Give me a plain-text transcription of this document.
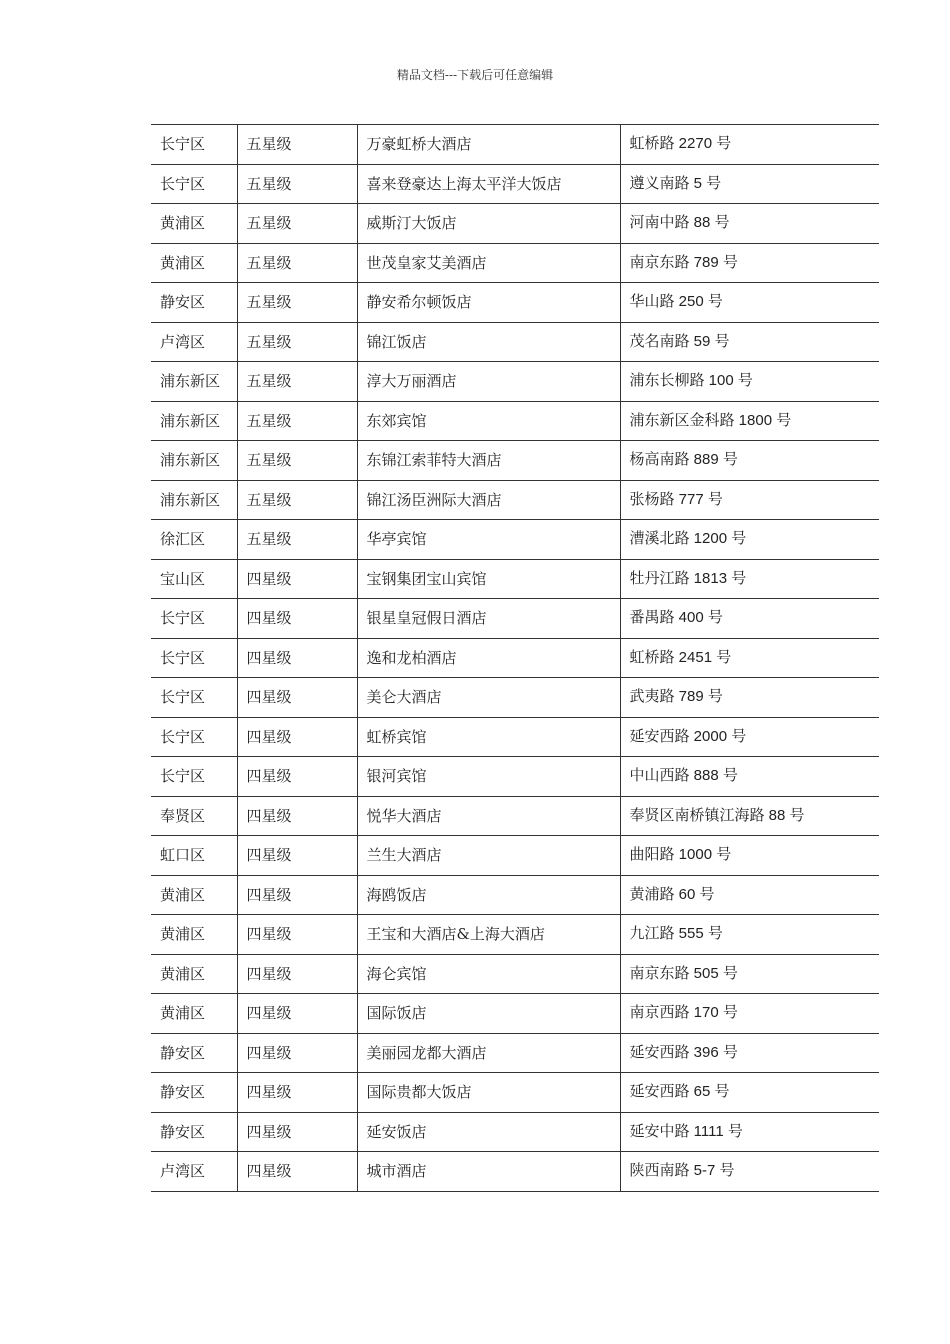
精品文档---下载后可任意编辑
长宁区	五星级	万豪虹桥大酒店	虹桥路 2270 号
长宁区	五星级	喜来登豪达上海太平洋大饭店	遵义南路 5 号
黄浦区	五星级	威斯汀大饭店	河南中路 88 号
黄浦区	五星级	世茂皇家艾美酒店	南京东路 789 号
静安区	五星级	静安希尔顿饭店	华山路 250 号
卢湾区	五星级	锦江饭店	茂名南路 59 号
浦东新区	五星级	淳大万丽酒店	浦东长柳路 100 号
浦东新区	五星级	东郊宾馆	浦东新区金科路 1800 号
浦东新区	五星级	东锦江索菲特大酒店	杨高南路 889 号
浦东新区	五星级	锦江汤臣洲际大酒店	张杨路 777 号
徐汇区	五星级	华亭宾馆	漕溪北路 1200 号
宝山区	四星级	宝钢集团宝山宾馆	牡丹江路 1813 号
长宁区	四星级	银星皇冠假日酒店	番禺路 400 号
长宁区	四星级	逸和龙柏酒店	虹桥路 2451 号
长宁区	四星级	美仑大酒店	武夷路 789 号
长宁区	四星级	虹桥宾馆	延安西路 2000 号
长宁区	四星级	银河宾馆	中山西路 888 号
奉贤区	四星级	悦华大酒店	奉贤区南桥镇江海路 88 号
虹口区	四星级	兰生大酒店	曲阳路 1000 号
黄浦区	四星级	海鸥饭店	黄浦路 60 号
黄浦区	四星级	王宝和大酒店&上海大酒店	九江路 555 号
黄浦区	四星级	海仑宾馆	南京东路 505 号
黄浦区	四星级	国际饭店	南京西路 170 号
静安区	四星级	美丽园龙都大酒店	延安西路 396 号
静安区	四星级	国际贵都大饭店	延安西路 65 号
静安区	四星级	延安饭店	延安中路 1111 号
卢湾区	四星级	城市酒店	陕西南路 5-7 号
